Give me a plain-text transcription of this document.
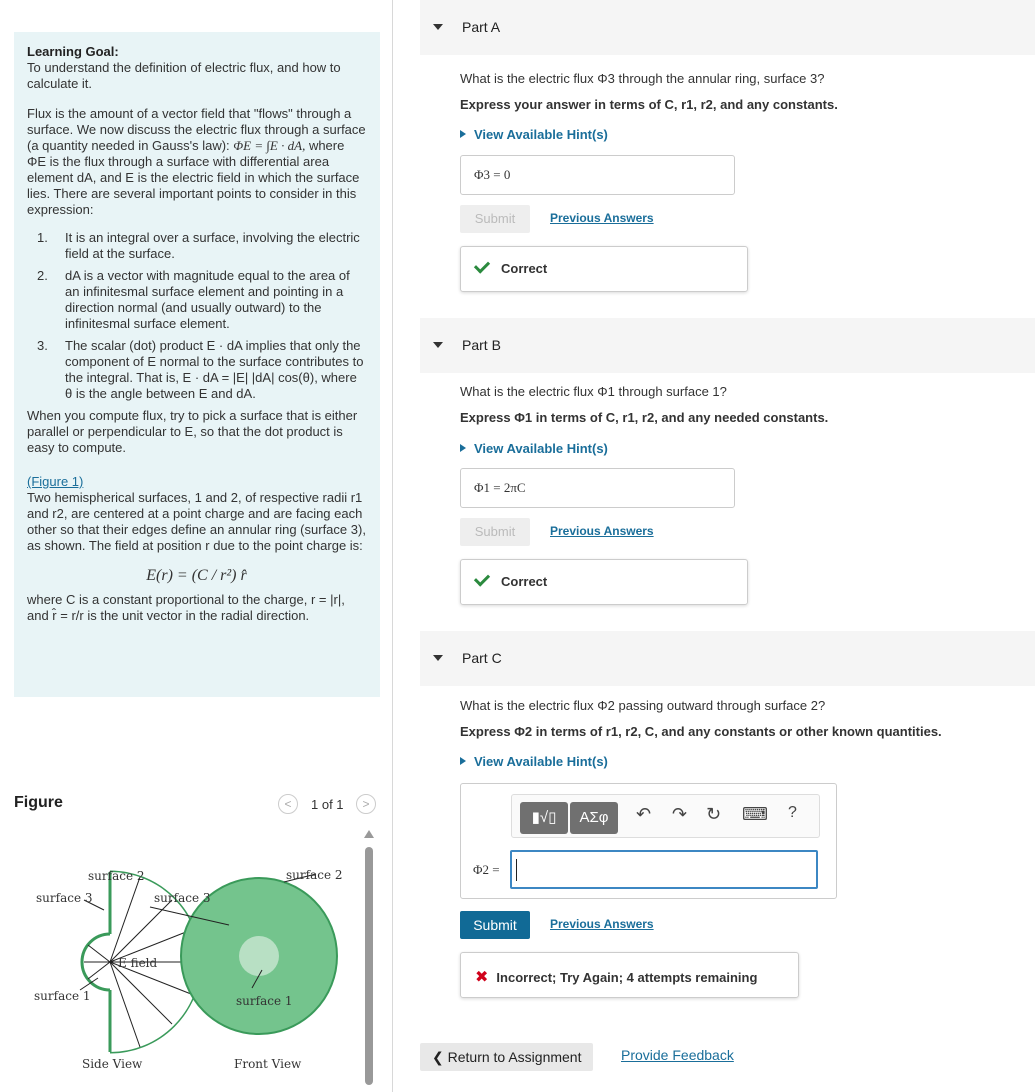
Learning Goal:
To understand the definition of electric flux, and how to calculate it.

Flux is the amount of a vector field that "flows" through a surface. We now discuss the electric flux through a surface (a quantity needed in Gauss's law): ΦE = ∫E · dA, where ΦE is the flux through a surface with differential area element dA, and E is the electric field in which the surface lies. There are several important points to consider in this expression:

1. It is an integral over a surface, involving the electric field at the surface.
2. dA is a vector with magnitude equal to the area of an infinitesmal surface element and pointing in a direction normal (and usually outward) to the infinitesmal surface element.
3. The scalar (dot) product E · dA implies that only the component of E normal to the surface contributes to the integral. That is, E · dA = |E| |dA| cos(θ), where θ is the angle between E and dA.

When you compute flux, try to pick a surface that is either parallel or perpendicular to E, so that the dot product is easy to compute.

(Figure 1)
Two hemispherical surfaces, 1 and 2, of respective radii r1 and r2, are centered at a point charge and are facing each other so that their edges define an annular ring (surface 3), as shown. The field at position r due to the point charge is:

E(r) = (C / r²) r̂

where C is a constant proportional to the charge, r = |r|, and r̂ = r/r is the unit vector in the radial direction.

Figure	<	1 of 1	>
surface 2
surface 3	surface 3
E field
surface 1
surface 2
surface 1
Side View	Front View
Part A
What is the electric flux Φ3 through the annular ring, surface 3?
Express your answer in terms of C, r1, r2, and any constants.
View Available Hint(s)
Φ3 = 0
Submit	Previous Answers
Correct
Part B
What is the electric flux Φ1 through surface 1?
Express Φ1 in terms of C, r1, r2, and any needed constants.
View Available Hint(s)
Φ1 = 2πC
Submit	Previous Answers
Correct
Part C
What is the electric flux Φ2 passing outward through surface 2?
Express Φ2 in terms of r1, r2, C, and any constants or other known quantities.
View Available Hint(s)
▮√▯	ΑΣφ	↶ ↷ ↻ ⌨ ?
Φ2 =
Submit	Previous Answers
✖ Incorrect; Try Again; 4 attempts remaining
❮ Return to Assignment	Provide Feedback
